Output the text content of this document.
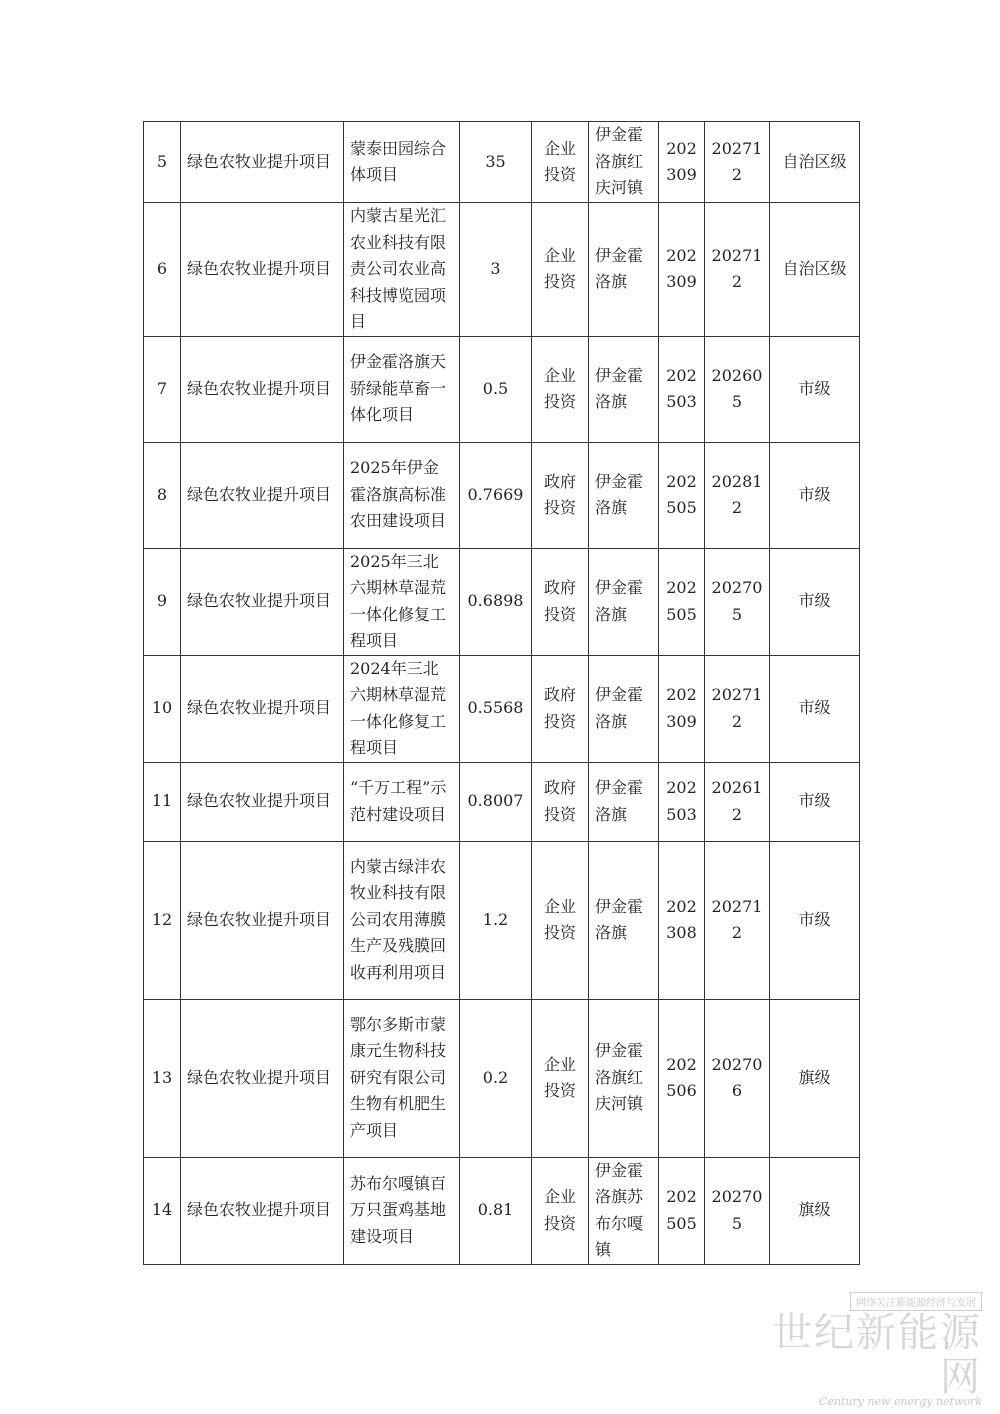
5	绿色农牧业提升项目	蒙泰田园综合体项目	35	企业投资	伊金霍洛旗红庆河镇	202309	202712	自治区级
6	绿色农牧业提升项目	内蒙古星光汇农业科技有限责公司农业高科技博览园项目	3	企业投资	伊金霍洛旗	202309	202712	自治区级
7	绿色农牧业提升项目	伊金霍洛旗天骄绿能草畜一体化项目	0.5	企业投资	伊金霍洛旗	202503	202605	市级
8	绿色农牧业提升项目	2025年伊金霍洛旗高标准农田建设项目	0.7669	政府投资	伊金霍洛旗	202505	202812	市级
9	绿色农牧业提升项目	2025年三北六期林草湿荒一体化修复工程项目	0.6898	政府投资	伊金霍洛旗	202505	202705	市级
10	绿色农牧业提升项目	2024年三北六期林草湿荒一体化修复工程项目	0.5568	政府投资	伊金霍洛旗	202309	202712	市级
11	绿色农牧业提升项目	“千万工程”示范村建设项目	0.8007	政府投资	伊金霍洛旗	202503	202612	市级
12	绿色农牧业提升项目	内蒙古绿沣农牧业科技有限公司农用薄膜生产及残膜回收再利用项目	1.2	企业投资	伊金霍洛旗	202308	202712	市级
13	绿色农牧业提升项目	鄂尔多斯市蒙康元生物科技研究有限公司生物有机肥生产项目	0.2	企业投资	伊金霍洛旗红庆河镇	202506	202706	旗级
14	绿色农牧业提升项目	苏布尔嘎镇百万只蛋鸡基地建设项目	0.81	企业投资	伊金霍洛旗苏布尔嘎镇	202505	202705	旗级
网络关注新能源经济与发展
世纪新能源网
Century new energy network
